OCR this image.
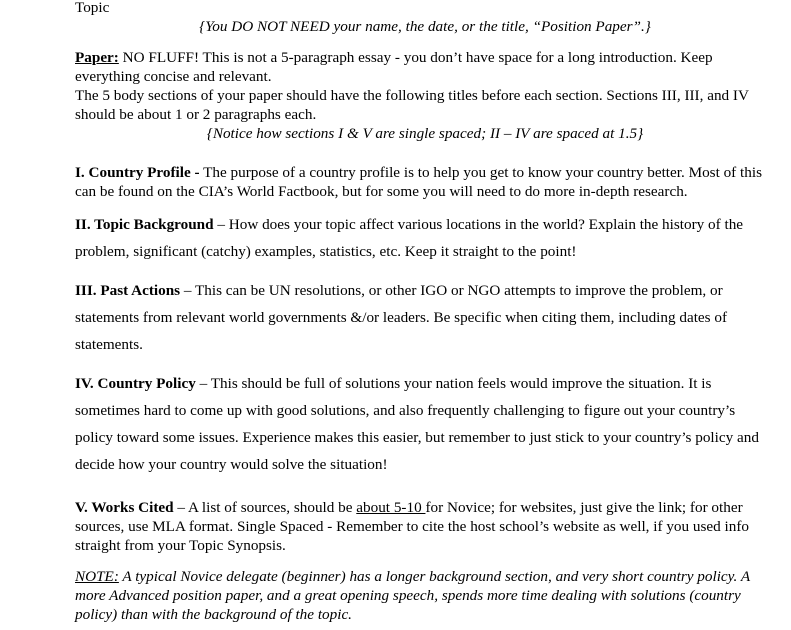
Topic

{You DO NOT NEED your name, the date, or the title, “Position Paper”.}

Paper: NO FLUFF! This is not a 5-paragraph essay - you don’t have space for a long introduction. Keep everything concise and relevant.

The 5 body sections of your paper should have the following titles before each section. Sections III, III, and IV should be about 1 or 2 paragraphs each.

{Notice how sections I & V are single spaced; II – IV are spaced at 1.5}

I. Country Profile - The purpose of a country profile is to help you get to know your country better. Most of this can be found on the CIA’s World Factbook, but for some you will need to do more in-depth research.

II. Topic Background – How does your topic affect various locations in the world? Explain the history of the problem, significant (catchy) examples, statistics, etc. Keep it straight to the point!

III. Past Actions – This can be UN resolutions, or other IGO or NGO attempts to improve the problem, or statements from relevant world governments &/or leaders. Be specific when citing them, including dates of statements.

IV. Country Policy – This should be full of solutions your nation feels would improve the situation. It is sometimes hard to come up with good solutions, and also frequently challenging to figure out your country’s policy toward some issues. Experience makes this easier, but remember to just stick to your country’s policy and decide how your country would solve the situation!

V. Works Cited – A list of sources, should be about 5-10 for Novice; for websites, just give the link; for other sources, use MLA format. Single Spaced - Remember to cite the host school’s website as well, if you used info straight from your Topic Synopsis.

NOTE: A typical Novice delegate (beginner) has a longer background section, and very short country policy. A more Advanced position paper, and a great opening speech, spends more time dealing with solutions (country policy) than with the background of the topic.
